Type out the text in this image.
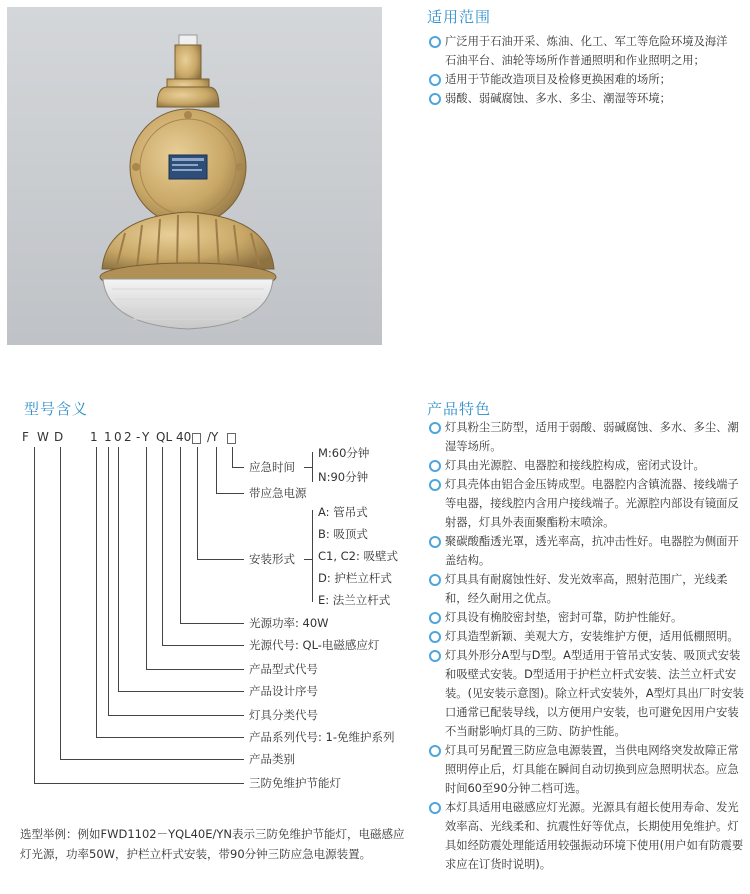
适用范围
广泛用于石油开采、炼油、化工、军工等危险环境及海洋石油平台、油轮等场所作普通照明和作业照明之用；
适用于节能改造项目及检修更换困难的场所；
弱酸、弱碱腐蚀、多水、多尘、潮湿等环境；
型号含义
F W D 1 1 0 2 - Y QL 40 /Y
应急时间
M:60分钟
N:90分钟
带应急电源
安装形式
A: 管吊式
B: 吸顶式
C1, C2: 吸壁式
D: 护栏立杆式
E: 法兰立杆式
光源功率: 40W
光源代号: QL-电磁感应灯
产品型式代号
产品设计序号
灯具分类代号
产品系列代号: 1-免维护系列
产品类别
三防免维护节能灯
选型举例：例如FWD1102－YQL40E/YN表示三防免维护节能灯，电磁感应灯光源，功率50W，护栏立杆式安装，带90分钟三防应急电源装置。
产品特色
灯具粉尘三防型，适用于弱酸、弱碱腐蚀、多水、多尘、潮湿等场所。
灯具由光源腔、电器腔和接线腔构成，密闭式设计。
灯具壳体由铝合金压铸成型。电器腔内含镇流器、接线端子等电器，接线腔内含用户接线端子。光源腔内部设有镜面反射器，灯具外表面聚酯粉末喷涂。
聚碳酸酯透光罩，透光率高，抗冲击性好。电器腔为侧面开盖结构。
灯具具有耐腐蚀性好、发光效率高，照射范围广，光线柔和，经久耐用之优点。
灯具设有桷胶密封垫，密封可靠，防护性能好。
灯具造型新颖、美观大方，安装维护方便，适用低棚照明。
灯具外形分A型与D型。A型适用于管吊式安装、吸顶式安装和吸壁式安装。D型适用于护栏立杆式安装、法兰立杆式安装。(见安装示意图)。除立杆式安装外，A型灯具出厂时安装口通常已配装导线，以方便用户安装，也可避免因用户安装不当耐影响灯具的三防、防护性能。
灯具可另配置三防应急电源装置，当供电网络突发故障正常照明停止后，灯具能在瞬间自动切换到应急照明状态。应急时间60至90分钟二档可选。
本灯具适用电磁感应灯光源。光源具有超长使用寿命、发光效率高、光线柔和、抗震性好等优点，长期使用免维护。灯具如经防震处理能适用较强振动环境下使用(用户如有防震要求应在订货时说明)。
